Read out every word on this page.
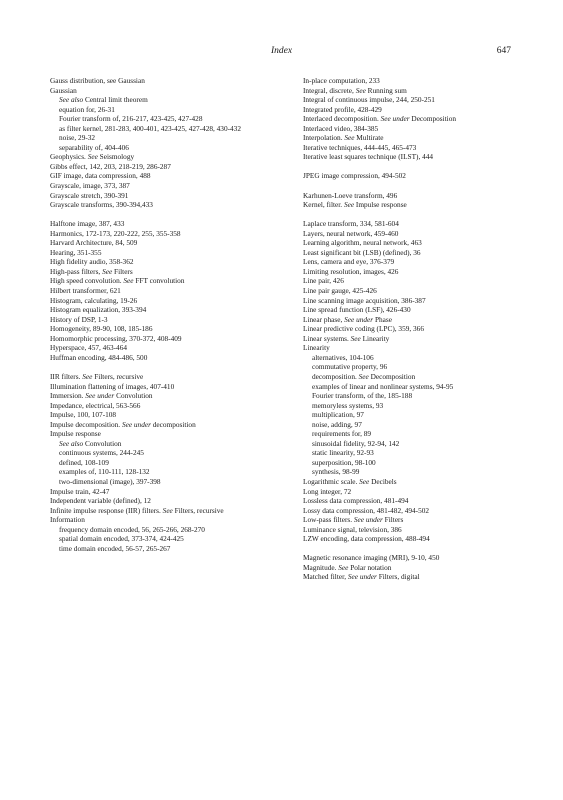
Index	647

Gauss distribution, see Gaussian

Gaussian

See also Central limit theorem

equation for, 26-31

Fourier transform of, 216-217, 423-425, 427-428

as filter kernel, 281-283, 400-401, 423-425, 427-428, 430-432

noise, 29-32

separability of, 404-406

Geophysics. See Seismology

Gibbs effect, 142, 203, 218-219, 286-287

GIF image, data compression, 488

Grayscale, image, 373, 387

Grayscale stretch, 390-391

Grayscale transforms, 390-394,433

Halftone image, 387, 433

Harmonics, 172-173, 220-222, 255, 355-358

Harvard Architecture, 84, 509

Hearing, 351-355

High fidelity audio, 358-362

High-pass filters, See Filters

High speed convolution. See FFT convolution

Hilbert transformer, 621

Histogram, calculating, 19-26

Histogram equalization, 393-394

History of DSP, 1-3

Homogeneity, 89-90, 108, 185-186

Homomorphic processing, 370-372, 408-409

Hyperspace, 457, 463-464

Huffman encoding, 484-486, 500

IIR filters. See Filters, recursive

Illumination flattening of images, 407-410

Immersion. See under Convolution

Impedance, electrical, 563-566

Impulse, 100, 107-108

Impulse decomposition. See under decomposition

Impulse response

See also Convolution

continuous systems, 244-245

defined, 108-109

examples of, 110-111, 128-132

two-dimensional (image), 397-398

Impulse train, 42-47

Independent variable (defined), 12

Infinite impulse response (IIR) filters. See Filters, recursive

Information

frequency domain encoded, 56, 265-266, 268-270

spatial domain encoded, 373-374, 424-425

time domain encoded, 56-57, 265-267

In-place computation, 233

Integral, discrete, See Running sum

Integral of continuous impulse, 244, 250-251

Integrated profile, 428-429

Interlaced decomposition. See under Decomposition

Interlaced video, 384-385

Interpolation. See Multirate

Iterative techniques, 444-445, 465-473

Iterative least squares technique (ILST), 444

JPEG image compression, 494-502

Karhunen-Loeve transform, 496

Kernel, filter. See Impulse response

Laplace transform, 334, 581-604

Layers, neural network, 459-460

Learning algorithm, neural network, 463

Least significant bit (LSB) (defined), 36

Lens, camera and eye, 376-379

Limiting resolution, images, 426

Line pair, 426

Line pair gauge, 425-426

Line scanning image acquisition, 386-387

Line spread function (LSF), 426-430

Linear phase, See under Phase

Linear predictive coding (LPC), 359, 366

Linear systems. See Linearity

Linearity

alternatives, 104-106

commutative property, 96

decomposition. See Decomposition

examples of linear and nonlinear systems, 94-95

Fourier transform, of the, 185-188

memoryless systems, 93

multiplication, 97

noise, adding, 97

requirements for, 89

sinusoidal fidelity, 92-94, 142

static linearity, 92-93

superposition, 98-100

synthesis, 98-99

Logarithmic scale. See Decibels

Long integer, 72

Lossless data compression, 481-494

Lossy data compression, 481-482, 494-502

Low-pass filters. See under Filters

Luminance signal, television, 386

LZW encoding, data compression, 488-494

Magnetic resonance imaging (MRI), 9-10, 450

Magnitude. See Polar notation

Matched filter, See under Filters, digital
